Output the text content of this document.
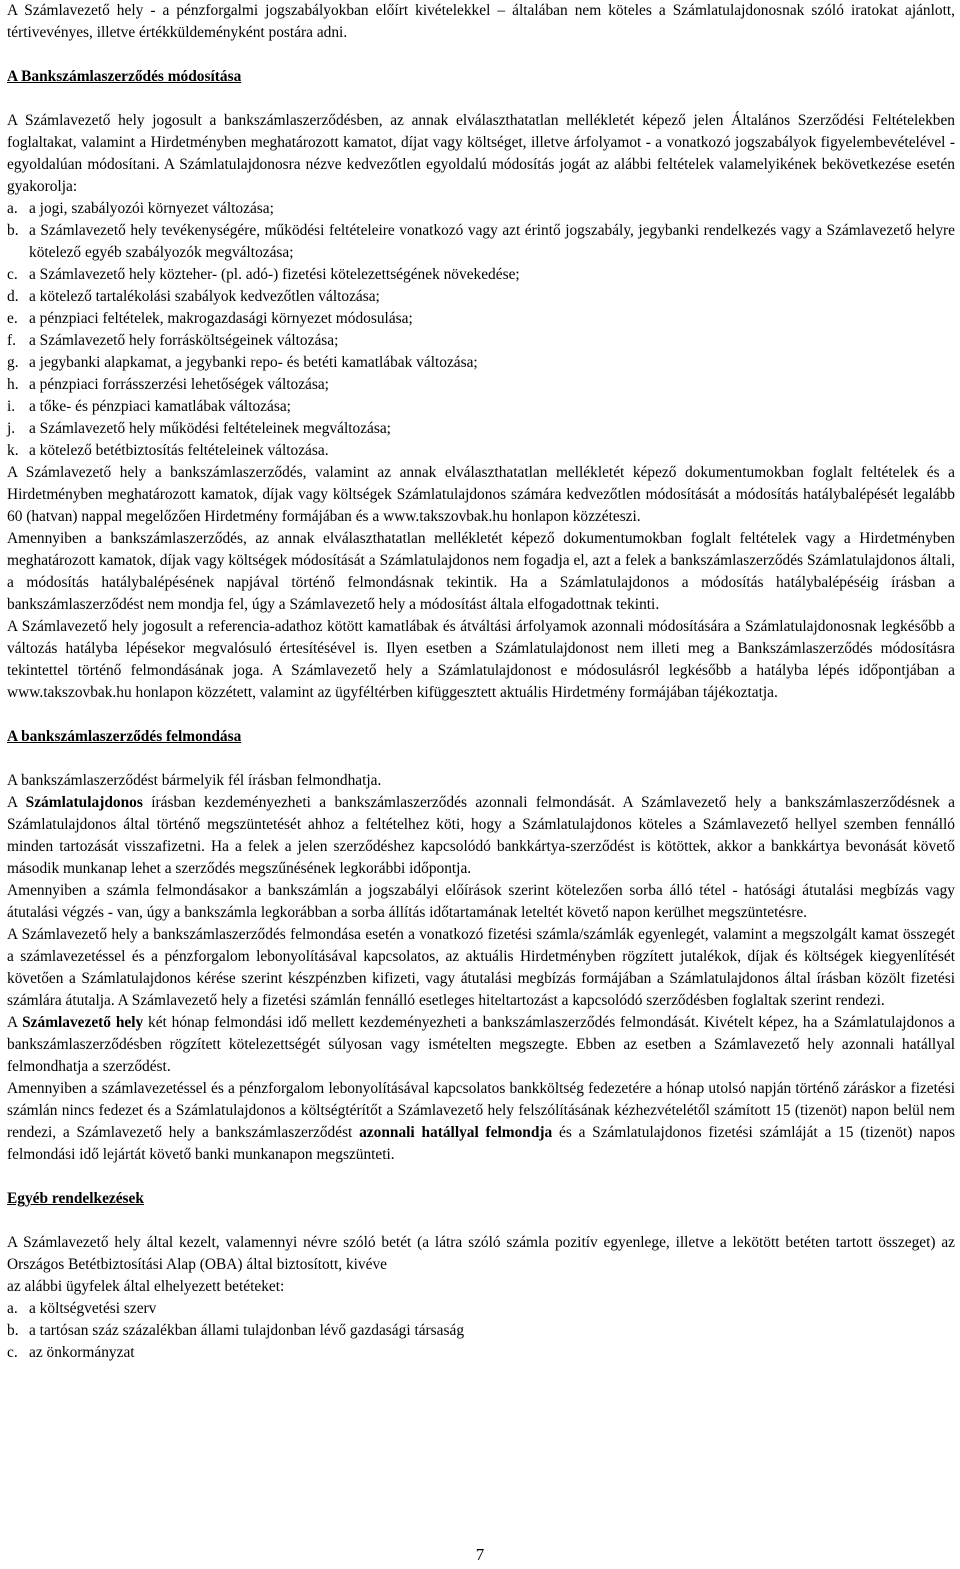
A Számlavezető hely - a pénzforgalmi jogszabályokban előírt kivételekkel – általában nem köteles a Számlatulajdonosnak szóló iratokat ajánlott, tértivevényes, illetve értékküldeményként postára adni.

A Bankszámlaszerződés módosítása

A Számlavezető hely jogosult a bankszámlaszerződésben, az annak elválaszthatatlan mellékletét képező jelen Általános Szerződési Feltételekben foglaltakat, valamint a Hirdetményben meghatározott kamatot, díjat vagy költséget, illetve árfolyamot - a vonatkozó jogszabályok figyelembevételével - egyoldalúan módosítani. A Számlatulajdonosra nézve kedvezőtlen egyoldalú módosítás jogát az alábbi feltételek valamelyikének bekövetkezése esetén gyakorolja:

a. a jogi, szabályozói környezet változása;
b. a Számlavezető hely tevékenységére, működési feltételeire vonatkozó vagy azt érintő jogszabály, jegybanki rendelkezés vagy a Számlavezető helyre kötelező egyéb szabályozók megváltozása;
c. a Számlavezető hely közteher- (pl. adó-) fizetési kötelezettségének növekedése;
d. a kötelező tartalékolási szabályok kedvezőtlen változása;
e. a pénzpiaci feltételek, makrogazdasági környezet módosulása;
f. a Számlavezető hely forrásköltségeinek változása;
g. a jegybanki alapkamat, a jegybanki repo- és betéti kamatlábak változása;
h. a pénzpiaci forrásszerzési lehetőségek változása;
i. a tőke- és pénzpiaci kamatlábak változása;
j. a Számlavezető hely működési feltételeinek megváltozása;
k. a kötelező betétbiztosítás feltételeinek változása.

A Számlavezető hely a bankszámlaszerződés, valamint az annak elválaszthatatlan mellékletét képező dokumentumokban foglalt feltételek és a Hirdetményben meghatározott kamatok, díjak vagy költségek Számlatulajdonos számára kedvezőtlen módosítását a módosítás hatálybalépését legalább 60 (hatvan) nappal megelőzően Hirdetmény formájában és a www.takszovbak.hu honlapon közzéteszi.

Amennyiben a bankszámlaszerződés, az annak elválaszthatatlan mellékletét képező dokumentumokban foglalt feltételek vagy a Hirdetményben meghatározott kamatok, díjak vagy költségek módosítását a Számlatulajdonos nem fogadja el, azt a felek a bankszámlaszerződés Számlatulajdonos általi, a módosítás hatálybalépésének napjával történő felmondásnak tekintik. Ha a Számlatulajdonos a módosítás hatálybalépéséig írásban a bankszámlaszerződést nem mondja fel, úgy a Számlavezető hely a módosítást általa elfogadottnak tekinti.

A Számlavezető hely jogosult a referencia-adathoz kötött kamatlábak és átváltási árfolyamok azonnali módosítására a Számlatulajdonosnak legkésőbb a változás hatályba lépésekor megvalósuló értesítésével is. Ilyen esetben a Számlatulajdonost nem illeti meg a Bankszámlaszerződés módosításra tekintettel történő felmondásának joga. A Számlavezető hely a Számlatulajdonost e módosulásról legkésőbb a hatályba lépés időpontjában a www.takszovbak.hu honlapon közzétett, valamint az ügyféltérben kifüggesztett aktuális Hirdetmény formájában tájékoztatja.

A bankszámlaszerződés felmondása

A bankszámlaszerződést bármelyik fél írásban felmondhatja.

A Számlatulajdonos írásban kezdeményezheti a bankszámlaszerződés azonnali felmondását. A Számlavezető hely a bankszámlaszerződésnek a Számlatulajdonos által történő megszüntetését ahhoz a feltételhez köti, hogy a Számlatulajdonos köteles a Számlavezető hellyel szemben fennálló minden tartozását visszafizetni. Ha a felek a jelen szerződéshez kapcsolódó bankkártya-szerződést is kötöttek, akkor a bankkártya bevonását követő második munkanap lehet a szerződés megszűnésének legkorábbi időpontja.

Amennyiben a számla felmondásakor a bankszámlán a jogszabályi előírások szerint kötelezően sorba álló tétel - hatósági átutalási megbízás vagy átutalási végzés - van, úgy a bankszámla legkorábban a sorba állítás időtartamának leteltét követő napon kerülhet megszüntetésre.

A Számlavezető hely a bankszámlaszerződés felmondása esetén a vonatkozó fizetési számla/számlák egyenlegét, valamint a megszolgált kamat összegét a számlavezetéssel és a pénzforgalom lebonyolításával kapcsolatos, az aktuális Hirdetményben rögzített jutalékok, díjak és költségek kiegyenlítését követően a Számlatulajdonos kérése szerint készpénzben kifizeti, vagy átutalási megbízás formájában a Számlatulajdonos által írásban közölt fizetési számlára átutalja. A Számlavezető hely a fizetési számlán fennálló esetleges hiteltartozást a kapcsolódó szerződésben foglaltak szerint rendezi.

A Számlavezető hely két hónap felmondási idő mellett kezdeményezheti a bankszámlaszerződés felmondását. Kivételt képez, ha a Számlatulajdonos a bankszámlaszerződésben rögzített kötelezettségét súlyosan vagy ismételten megszegte. Ebben az esetben a Számlavezető hely azonnali hatállyal felmondhatja a szerződést.

Amennyiben a számlavezetéssel és a pénzforgalom lebonyolításával kapcsolatos bankköltség fedezetére a hónap utolsó napján történő záráskor a fizetési számlán nincs fedezet és a Számlatulajdonos a költségtérítőt a Számlavezető hely felszólításának kézhezvételétől számított 15 (tizenöt) napon belül nem rendezi, a Számlavezető hely a bankszámlaszerződést azonnali hatállyal felmondja és a Számlatulajdonos fizetési számláját a 15 (tizenöt) napos felmondási idő lejártát követő banki munkanapon megszünteti.

Egyéb rendelkezések

A Számlavezető hely által kezelt, valamennyi névre szóló betét (a látra szóló számla pozitív egyenlege, illetve a lekötött betéten tartott összeget) az Országos Betétbiztosítási Alap (OBA) által biztosított, kivéve

az alábbi ügyfelek által elhelyezett betéteket:

a. a költségvetési szerv
b. a tartósan száz százalékban állami tulajdonban lévő gazdasági társaság
c. az önkormányzat
7
